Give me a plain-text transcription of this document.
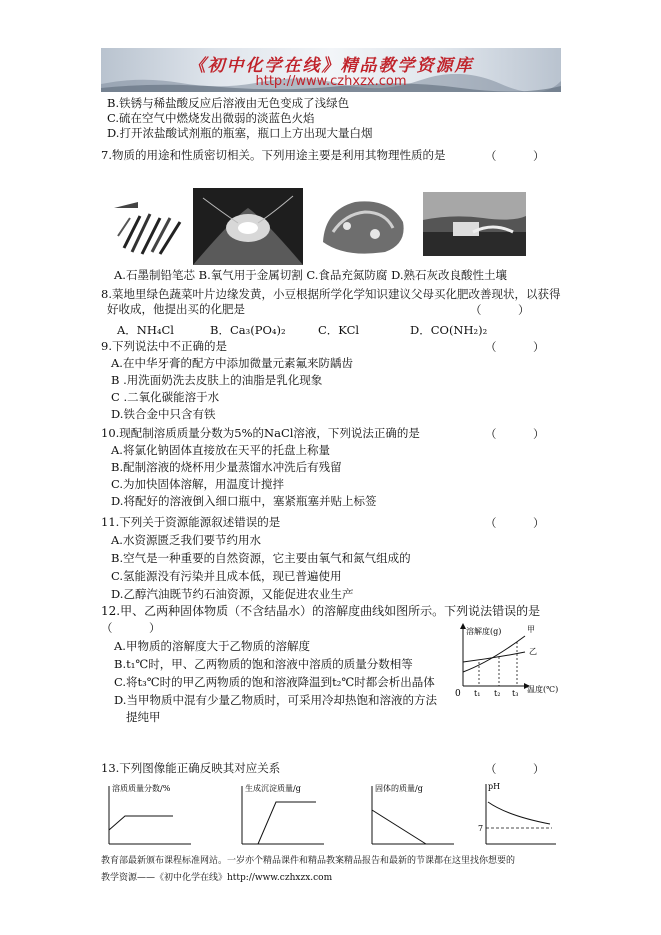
《初中化学在线》精品教学资源库
http://www.czhxzx.com
B.铁锈与稀盐酸反应后溶液由无色变成了浅绿色
C.硫在空气中燃烧发出微弱的淡蓝色火焰
D.打开浓盐酸试剂瓶的瓶塞，瓶口上方出现大量白烟
7.物质的用途和性质密切相关。下列用途主要是利用其物理性质的是	（          ）
A.石墨制铅笔芯 B.氧气用于金属切割 C.食品充氮防腐 D.熟石灰改良酸性土壤
8.菜地里绿色蔬菜叶片边缘发黄，小豆根据所学化学知识建议父母买化肥改善现状，以获得
好收成，他提出买的化肥是	（          ）
A．NH₄Cl	B．Ca₃(PO₄)₂	C．KCl	D．CO(NH₂)₂
9.下列说法中不正确的是	（          ）
A.在中华牙膏的配方中添加微量元素氟来防龋齿
B .用洗面奶洗去皮肤上的油脂是乳化现象
C .二氧化碳能溶于水
D.铁合金中只含有铁
10.现配制溶质质量分数为5%的NaCl溶液，下列说法正确的是	（          ）
A.将氯化钠固体直接放在天平的托盘上称量
B.配制溶液的烧杯用少量蒸馏水冲洗后有残留
C.为加快固体溶解，用温度计搅拌
D.将配好的溶液倒入细口瓶中，塞紧瓶塞并贴上标签
11.下列关于资源能源叙述错误的是	（          ）
A.水资源匮乏我们要节约用水
B.空气是一种重要的自然资源，它主要由氧气和氮气组成的
C.氢能源没有污染并且成本低，现已普遍使用
D.乙醇汽油既节约石油资源，又能促进农业生产
12.甲、乙两种固体物质（不含结晶水）的溶解度曲线如图所示。下列说法错误的是
（          ）
A.甲物质的溶解度大于乙物质的溶解度
B.t₁℃时，甲、乙两物质的饱和溶液中溶质的质量分数相等
C.将t₃℃时的甲乙两物质的饱和溶液降温到t₂℃时都会析出晶体
D.当甲物质中混有少量乙物质时，可采用冷却热饱和溶液的方法
提纯甲
溶解度(g)	甲
乙
0 t₁ t₂ t₃ 温度(℃)
13.下列图像能正确反映其对应关系	（          ）
溶质质量分数/%	生成沉淀质量/g	固体的质量/g	pH
7
教育部最新颁布课程标准网站。一岁亦个精品课件和精品教案精品报告和最新的节课都在这里找你想要的
教学资源——《初中化学在线》http://www.czhxzx.com
